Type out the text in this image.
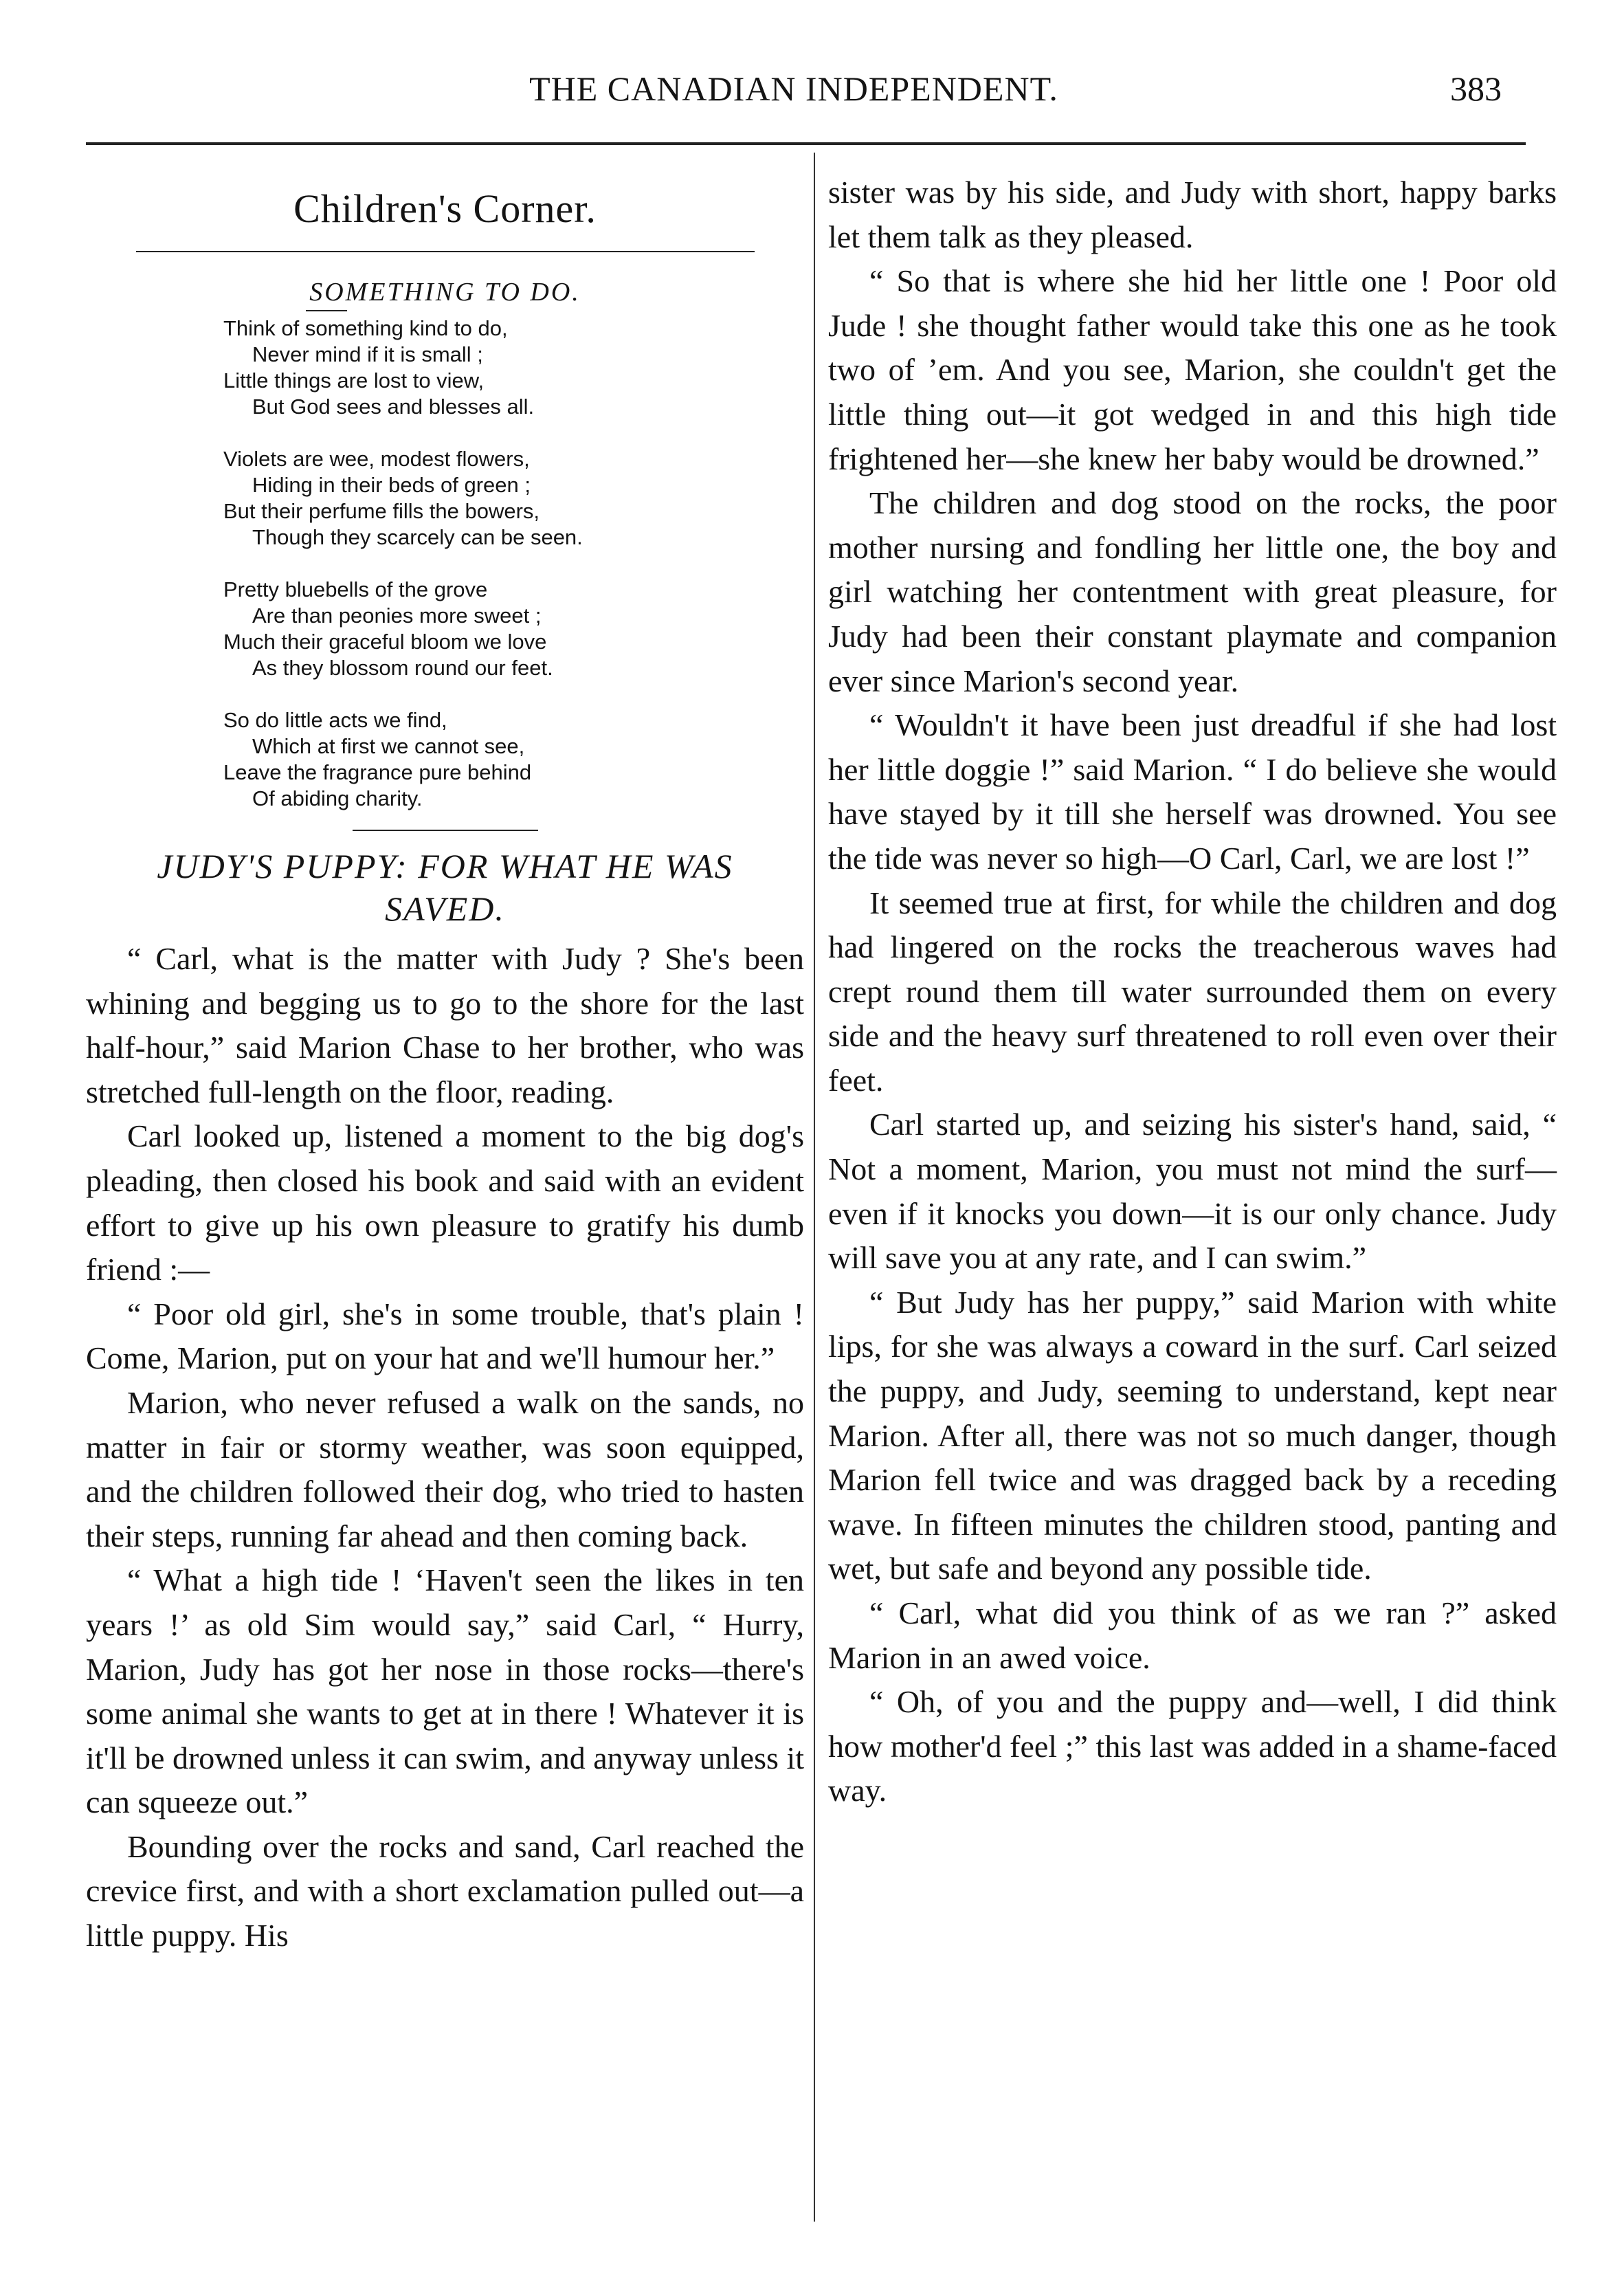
THE CANADIAN INDEPENDENT.	383
Children's Corner.
SOMETHING TO DO.

Think of something kind to do,

Never mind if it is small ;

Little things are lost to view,

But God sees and blesses all.

Violets are wee, modest flowers,

Hiding in their beds of green ;

But their perfume fills the bowers,

Though they scarcely can be seen.

Pretty bluebells of the grove

Are than peonies more sweet ;

Much their graceful bloom we love

As they blossom round our feet.

So do little acts we find,

Which at first we cannot see,

Leave the fragrance pure behind

Of abiding charity.

JUDY'S PUPPY: FOR WHAT HE WAS

SAVED.

“ Carl, what is the matter with Judy ? She's been whining and begging us to go to the shore for the last half-hour,” said Marion Chase to her brother, who was stretched full-length on the floor, reading.

Carl looked up, listened a moment to the big dog's pleading, then closed his book and said with an evident effort to give up his own pleasure to gratify his dumb friend :—

“ Poor old girl, she's in some trouble, that's plain ! Come, Marion, put on your hat and we'll humour her.”

Marion, who never refused a walk on the sands, no matter in fair or stormy weather, was soon equipped, and the children followed their dog, who tried to hasten their steps, running far ahead and then coming back.

“ What a high tide ! ‘Haven't seen the likes in ten years !’ as old Sim would say,” said Carl, “ Hurry, Marion, Judy has got her nose in those rocks—there's some animal she wants to get at in there ! Whatever it is it'll be drowned unless it can swim, and anyway unless it can squeeze out.”

Bounding over the rocks and sand, Carl reached the crevice first, and with a short exclamation pulled out—a little puppy. His

sister was by his side, and Judy with short, happy barks let them talk as they pleased.

“ So that is where she hid her little one ! Poor old Jude ! she thought father would take this one as he took two of ’em. And you see, Marion, she couldn't get the little thing out—it got wedged in and this high tide frightened her—she knew her baby would be drowned.”

The children and dog stood on the rocks, the poor mother nursing and fondling her little one, the boy and girl watching her contentment with great pleasure, for Judy had been their constant playmate and companion ever since Marion's second year.

“ Wouldn't it have been just dreadful if she had lost her little doggie !” said Marion. “ I do believe she would have stayed by it till she herself was drowned. You see the tide was never so high—O Carl, Carl, we are lost !”

It seemed true at first, for while the children and dog had lingered on the rocks the treacherous waves had crept round them till water surrounded them on every side and the heavy surf threatened to roll even over their feet.

Carl started up, and seizing his sister's hand, said, “ Not a moment, Marion, you must not mind the surf—even if it knocks you down—it is our only chance. Judy will save you at any rate, and I can swim.”

“ But Judy has her puppy,” said Marion with white lips, for she was always a coward in the surf. Carl seized the puppy, and Judy, seeming to understand, kept near Marion. After all, there was not so much danger, though Marion fell twice and was dragged back by a receding wave. In fifteen minutes the children stood, panting and wet, but safe and beyond any possible tide.

“ Carl, what did you think of as we ran ?” asked Marion in an awed voice.

“ Oh, of you and the puppy and—well, I did think how mother'd feel ;” this last was added in a shame-faced way.
